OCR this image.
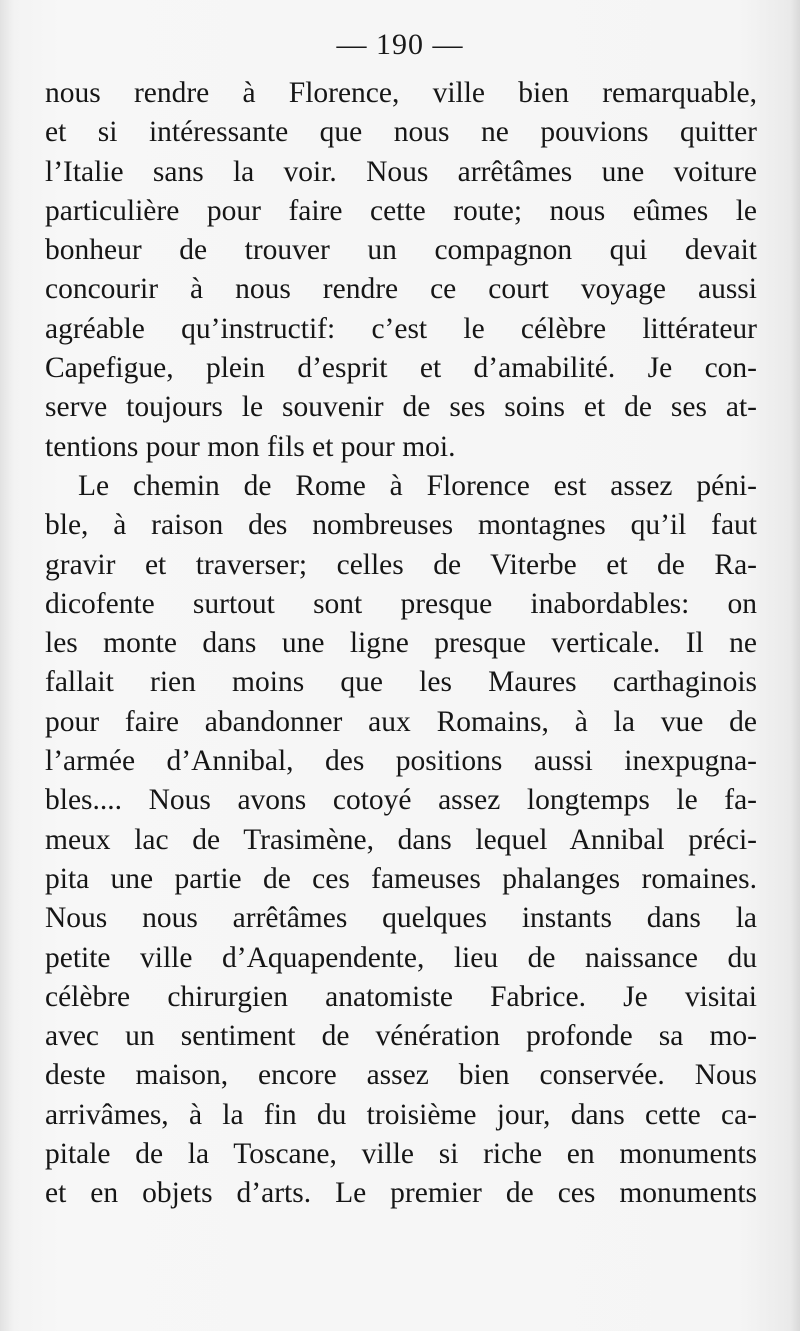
— 190 —
nous rendre à Florence, ville bien remarquable,
et si intéressante que nous ne pouvions quitter
l’Italie sans la voir. Nous arrêtâmes une voiture
particulière pour faire cette route; nous eûmes le
bonheur de trouver un compagnon qui devait
concourir à nous rendre ce court voyage aussi
agréable qu’instructif: c’est le célèbre littérateur
Capefigue, plein d’esprit et d’amabilité. Je con-
serve toujours le souvenir de ses soins et de ses at-
tentions pour mon fils et pour moi.
Le chemin de Rome à Florence est assez péni-
ble, à raison des nombreuses montagnes qu’il faut
gravir et traverser; celles de Viterbe et de Ra-
dicofente surtout sont presque inabordables: on
les monte dans une ligne presque verticale. Il ne
fallait rien moins que les Maures carthaginois
pour faire abandonner aux Romains, à la vue de
l’armée d’Annibal, des positions aussi inexpugna-
bles.... Nous avons cotoyé assez longtemps le fa-
meux lac de Trasimène, dans lequel Annibal préci-
pita une partie de ces fameuses phalanges romaines.
Nous nous arrêtâmes quelques instants dans la
petite ville d’Aquapendente, lieu de naissance du
célèbre chirurgien anatomiste Fabrice. Je visitai
avec un sentiment de vénération profonde sa mo-
deste maison, encore assez bien conservée. Nous
arrivâmes, à la fin du troisième jour, dans cette ca-
pitale de la Toscane, ville si riche en monuments
et en objets d’arts. Le premier de ces monuments
